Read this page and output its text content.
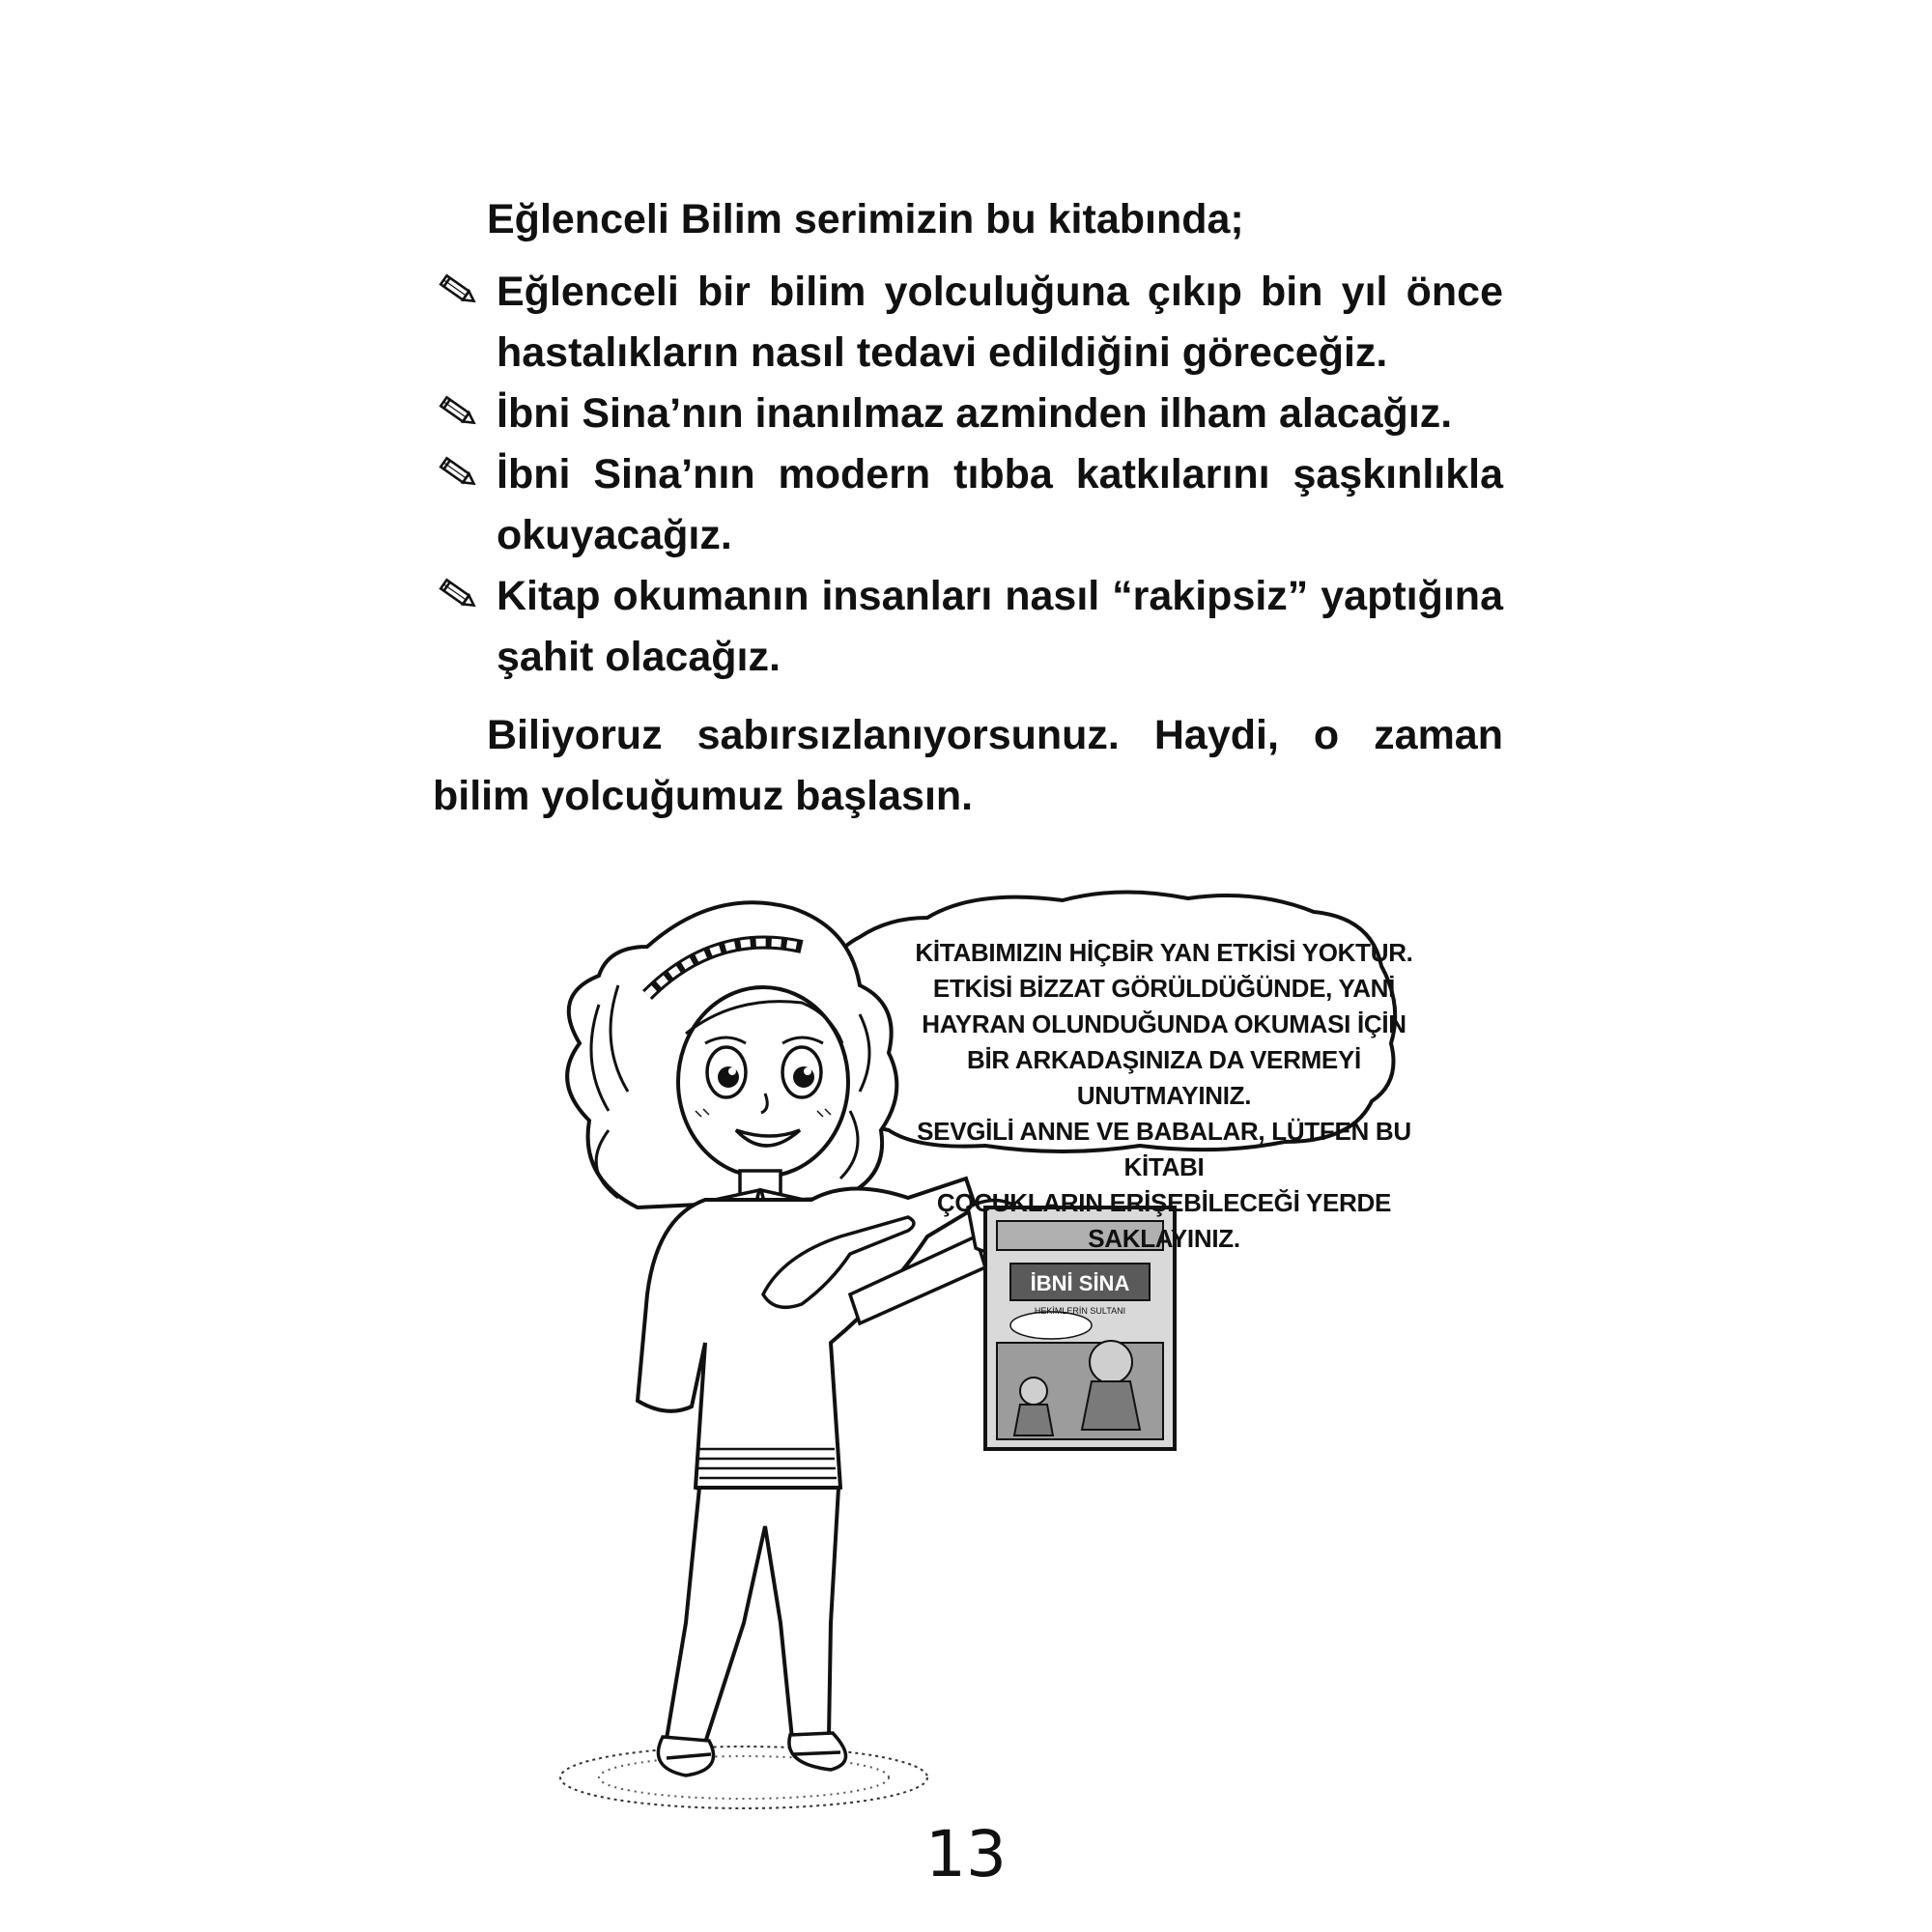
Eğlenceli Bilim serimizin bu kitabında;

Eğlenceli bir bilim yolculuğuna çıkıp bin yıl önce hastalıkların nasıl tedavi edildiğini göreceğiz.
İbni Sina’nın inanılmaz azminden ilham alacağız.
İbni Sina’nın modern tıbba katkılarını şaşkınlıkla okuyacağız.
Kitap okumanın insanları nasıl “rakipsiz” yaptığına şahit olacağız.

Biliyoruz sabırsızlanıyorsunuz. Haydi, o zaman bilim yolcuğumuz başlasın.

İBNİ SİNA
HEKİMLERİN SULTANI
KİTABIMIZIN HİÇBİR YAN ETKİSİ YOKTUR.
ETKİSİ BİZZAT GÖRÜLDÜĞÜNDE, YANİ
HAYRAN OLUNDUĞUNDA OKUMASI İÇİN
BİR ARKADAŞINIZA DA VERMEYİ UNUTMAYINIZ.
SEVGİLİ ANNE VE BABALAR, LÜTFEN BU KİTABI
ÇOCUKLARIN ERİŞEBİLECEĞİ YERDE SAKLAYINIZ.
13
